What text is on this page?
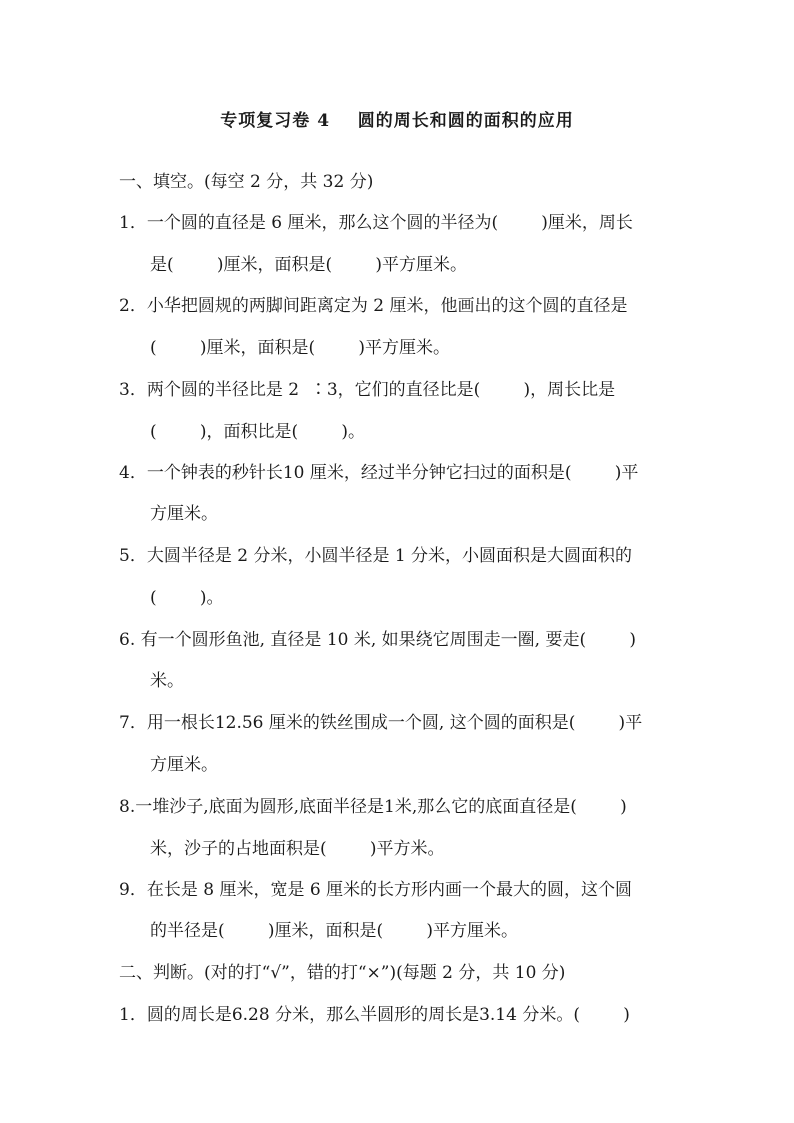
专项复习卷 4    圆的周长和圆的面积的应用
一、填空。(每空 2 分，共 32 分)
1．一个圆的直径是 6 厘米，那么这个圆的半径为(        )厘米，周长
是(        )厘米，面积是(        )平方厘米。
2．小华把圆规的两脚间距离定为 2 厘米，他画出的这个圆的直径是
(        )厘米，面积是(        )平方厘米。
3．两个圆的半径比是 2  ∶3，它们的直径比是(        )，周长比是
(        )，面积比是(        )。
4．一个钟表的秒针长10 厘米，经过半分钟它扫过的面积是(        )平
方厘米。
5．大圆半径是 2 分米，小圆半径是 1 分米，小圆面积是大圆面积的
(        )。
6. 有一个圆形鱼池, 直径是 10 米, 如果绕它周围走一圈, 要走(        )
米。
7．用一根长12.56 厘米的铁丝围成一个圆, 这个圆的面积是(        )平
方厘米。
8.一堆沙子,底面为圆形,底面半径是1米,那么它的底面直径是(        )
米，沙子的占地面积是(        )平方米。
9．在长是 8 厘米，宽是 6 厘米的长方形内画一个最大的圆，这个圆
的半径是(        )厘米，面积是(        )平方厘米。
二、判断。(对的打“√”，错的打“×”)(每题 2 分，共 10 分)
1．圆的周长是6.28 分米，那么半圆形的周长是3.14 分米。(        )
